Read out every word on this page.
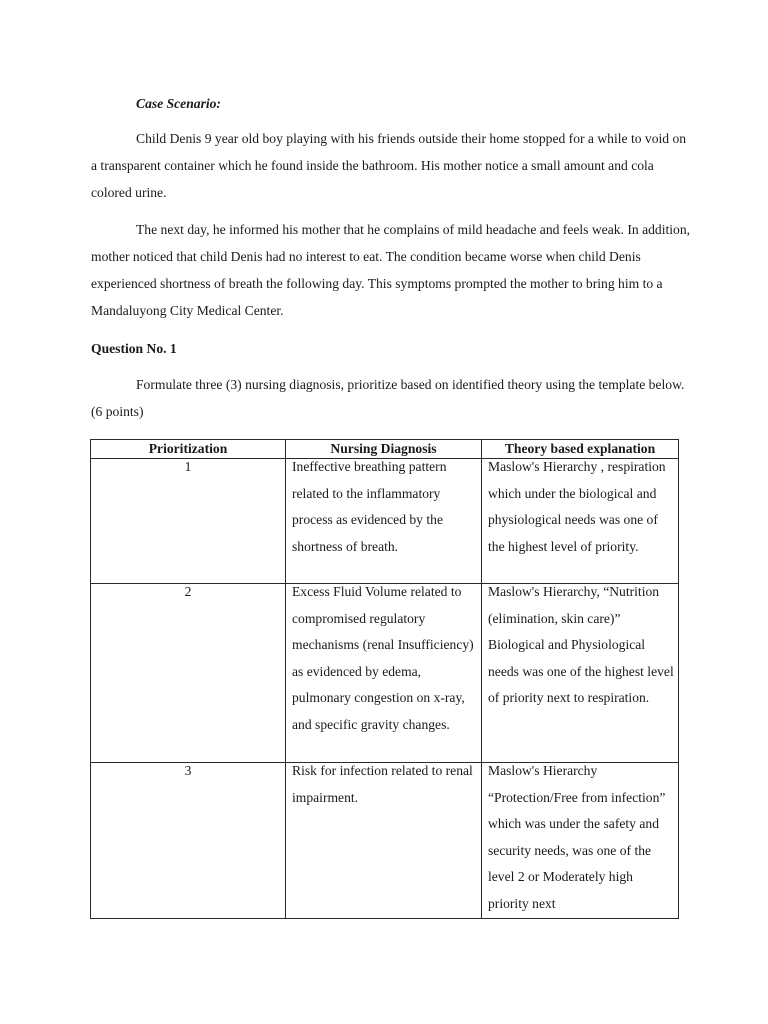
Case Scenario:

Child Denis 9 year old boy playing with his friends outside their home stopped for a while to void on a transparent container which he found inside the bathroom. His mother notice a small amount and cola colored urine.

The next day, he informed his mother that he complains of mild headache and feels weak. In addition, mother noticed that child Denis had no interest to eat. The condition became worse when child Denis experienced shortness of breath the following day. This symptoms prompted the mother to bring him to a Mandaluyong City Medical Center.

Question No. 1

Formulate three (3) nursing diagnosis, prioritize based on identified theory using the template below. (6 points)

Prioritization	Nursing Diagnosis	Theory based explanation

1	Ineffective breathing pattern related to the inflammatory process as evidenced by the shortness of breath.	Maslow's Hierarchy , respiration which under the biological and physiological needs was one of the highest level of priority.

2	Excess Fluid Volume related to compromised regulatory mechanisms (renal Insufficiency) as evidenced by edema, pulmonary congestion on x-ray, and specific gravity changes.	Maslow's Hierarchy, “Nutrition (elimination, skin care)” Biological and Physiological needs was one of the highest level of priority next to respiration.

3	Risk for infection related to renal impairment.	Maslow's Hierarchy “Protection/Free from infection” which was under the safety and security needs, was one of the level 2 or Moderately high priority next
